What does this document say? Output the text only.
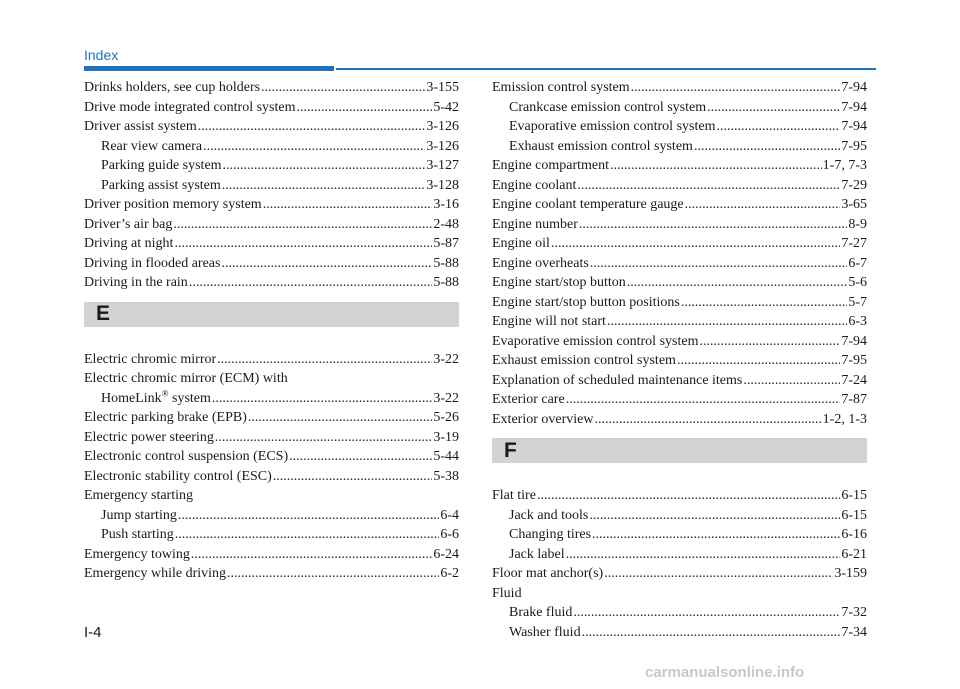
Index
Drinks holders, see cup holders .....	3-155
Drive mode integrated control system .....	5-42
Driver assist system .....	3-126
Rear view camera .....	3-126
Parking guide system .....	3-127
Parking assist system .....	3-128
Driver position memory system .....	3-16
Driver’s air bag .....	2-48
Driving at night .....	5-87
Driving in flooded areas .....	5-88
Driving in the rain .....	5-88
E
Electric chromic mirror .....	3-22
Electric chromic mirror (ECM) with
HomeLink® system .....	3-22
Electric parking brake (EPB) .....	5-26
Electric power steering .....	3-19
Electronic control suspension (ECS) .....	5-44
Electronic stability control (ESC) .....	5-38
Emergency starting
Jump starting .....	6-4
Push starting .....	6-6
Emergency towing .....	6-24
Emergency while driving .....	6-2
Emission control system .....	7-94
Crankcase emission control system .....	7-94
Evaporative emission control system .....	7-94
Exhaust emission control system .....	7-95
Engine compartment .....	1-7, 7-3
Engine coolant .....	7-29
Engine coolant temperature gauge .....	3-65
Engine number .....	8-9
Engine oil .....	7-27
Engine overheats .....	6-7
Engine start/stop button .....	5-6
Engine start/stop button positions .....	5-7
Engine will not start .....	6-3
Evaporative emission control system .....	7-94
Exhaust emission control system .....	7-95
Explanation of scheduled maintenance items .....	7-24
Exterior care .....	7-87
Exterior overview .....	1-2, 1-3
F
Flat tire .....	6-15
Jack and tools .....	6-15
Changing tires .....	6-16
Jack label .....	6-21
Floor mat anchor(s) .....	3-159
Fluid
Brake fluid .....	7-32
Washer fluid .....	7-34
I-4
carmanualsonline.info
